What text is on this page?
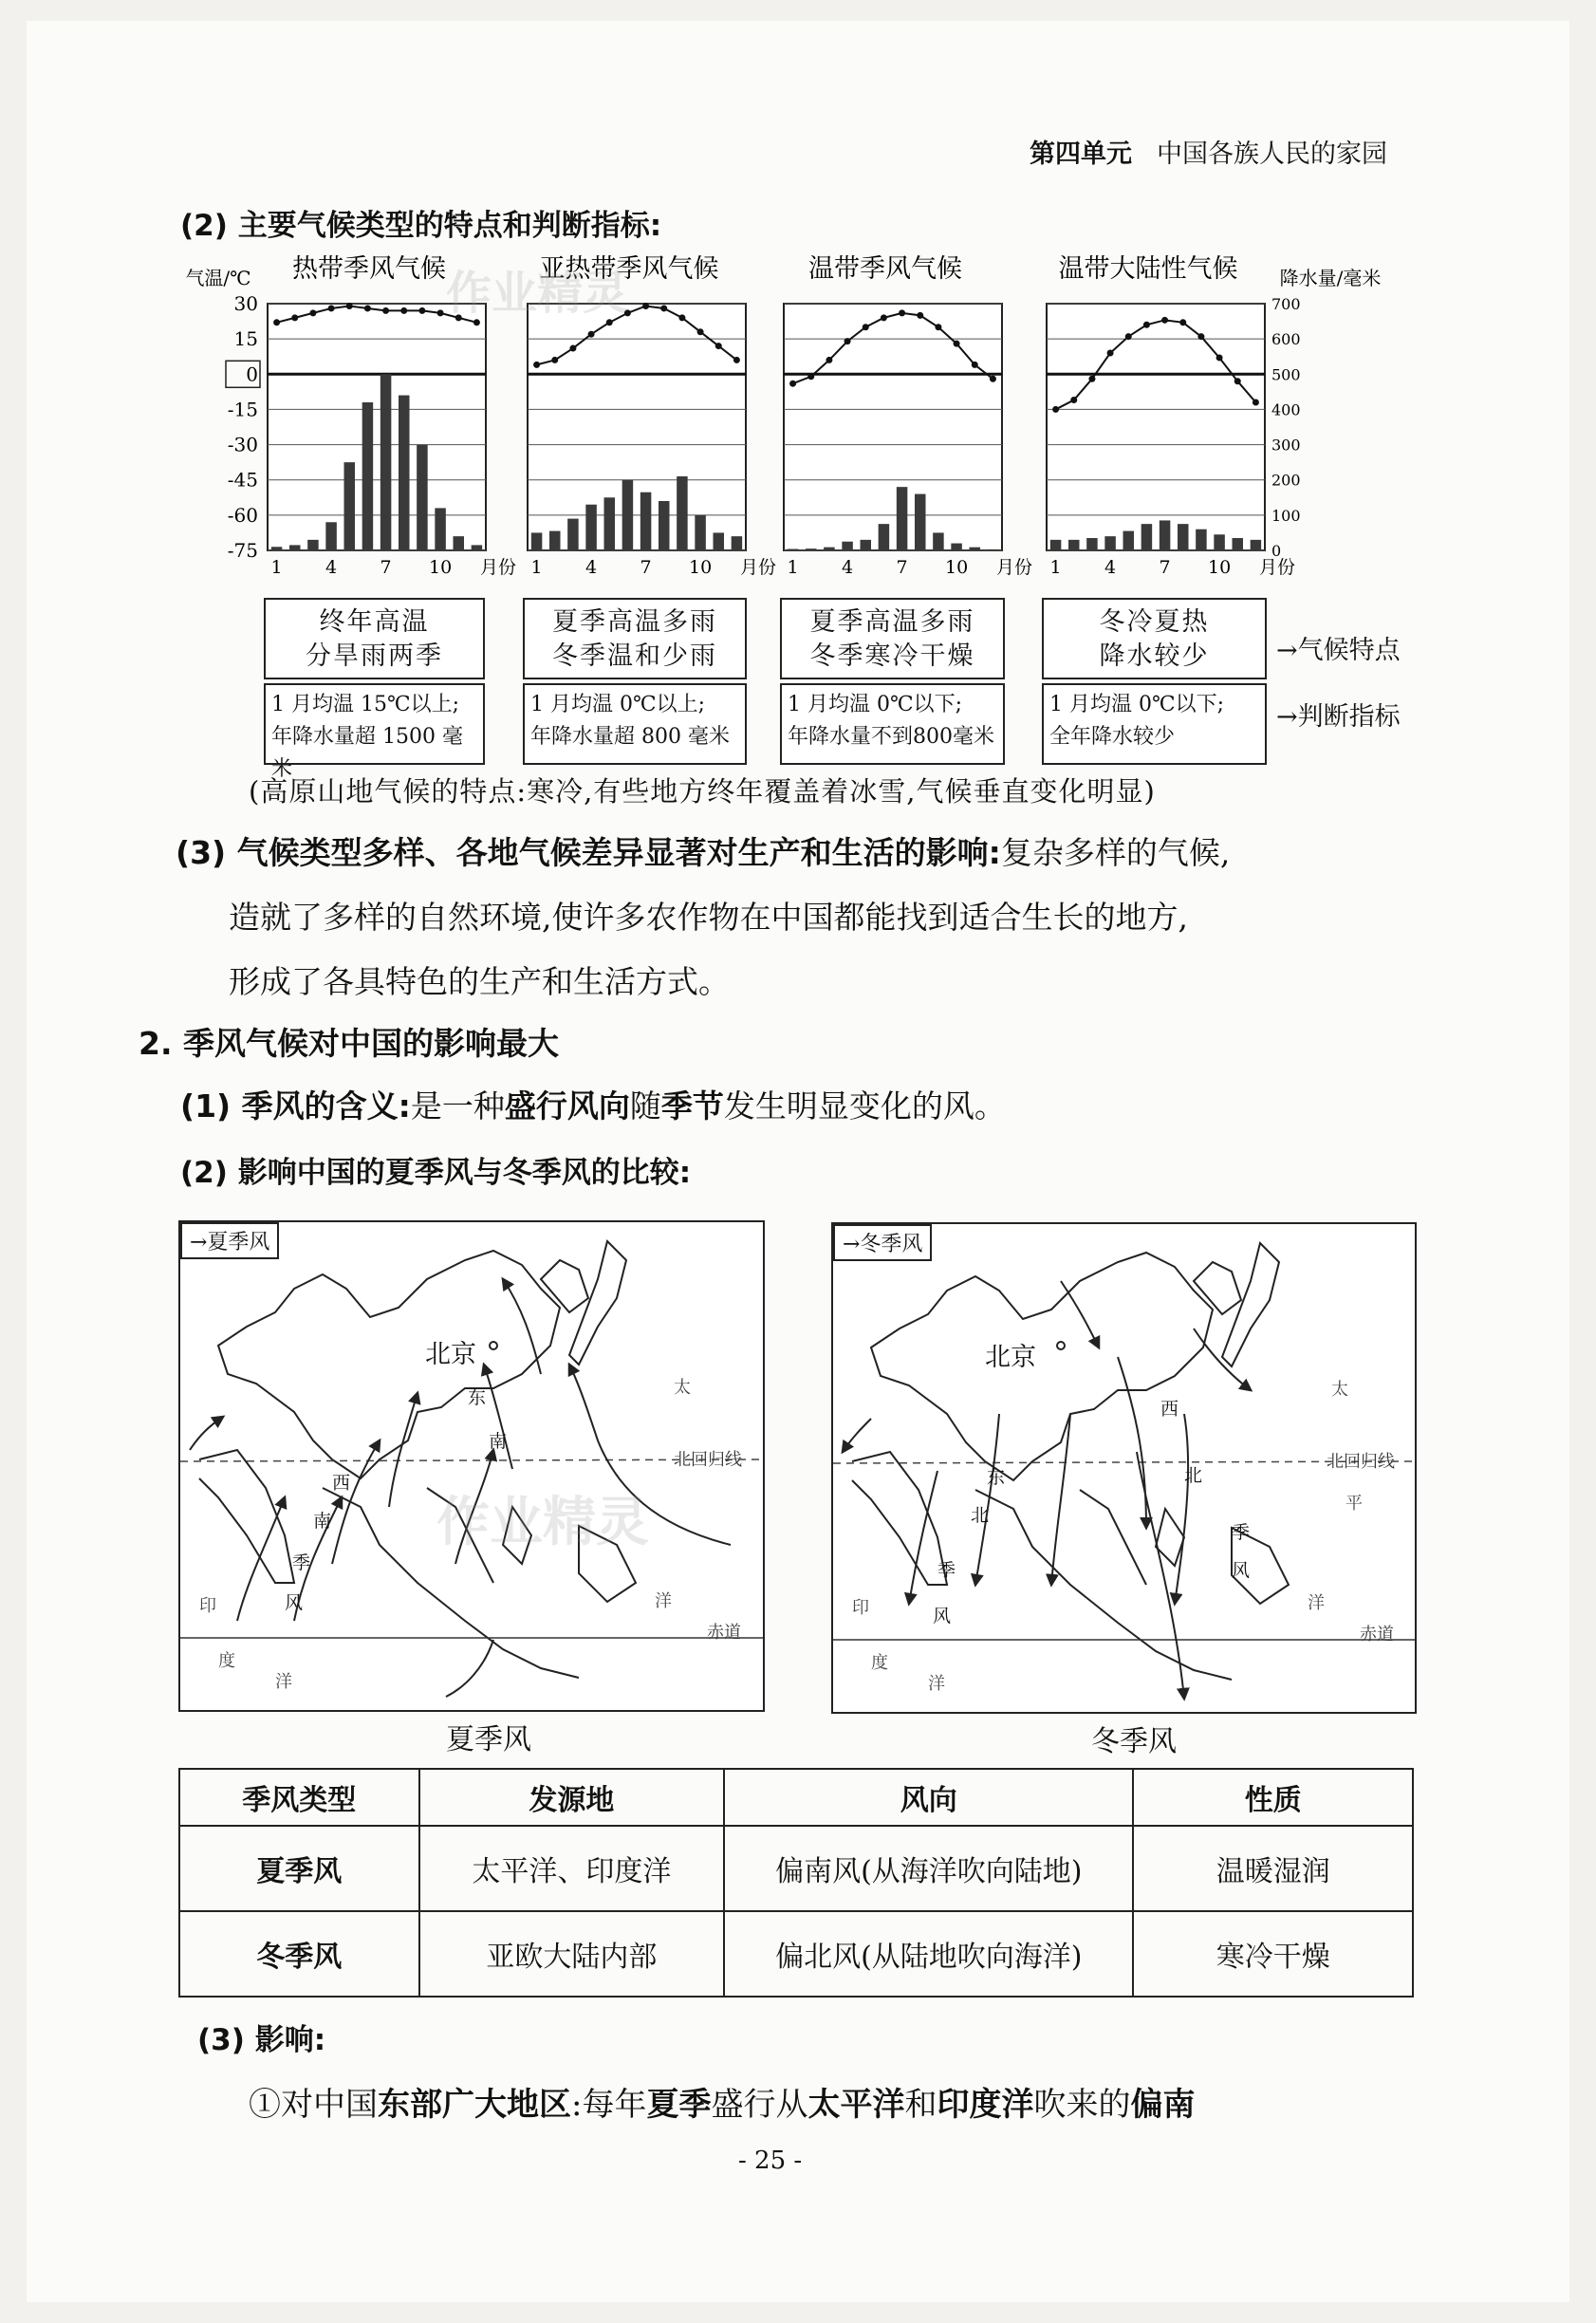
第四单元 中国各族人民的家园
(2) 主要气候类型的特点和判断指标:
气温/℃
30
15
0
-15
-30
-45
-60
-75
降水量/毫米
700
600
500
400
300
200
100
0
热带季风气候
1 4 7 10 月份
亚热带季风气候
1 4 7 10 月份
温带季风气候
1 4 7 10 月份
温带大陆性气候
1 4 7 10 月份
终年高温
分旱雨两季
夏季高温多雨
冬季温和少雨
夏季高温多雨
冬季寒冷干燥
冬冷夏热
降水较少	→气候特点
1 月均温 15℃以上;
年降水量超 1500 毫米
1 月均温 0℃以上;
年降水量超 800 毫米
1 月均温 0℃以下;
年降水量不到800毫米
1 月均温 0℃以下;
全年降水较少
→判断指标
(高原山地气候的特点:寒冷,有些地方终年覆盖着冰雪,气候垂直变化明显)
(3) 气候类型多样、各地气候差异显著对生产和生活的影响:复杂多样的气候,
造就了多样的自然环境,使许多农作物在中国都能找到适合生长的地方,
形成了各具特色的生产和生活方式。
2. 季风气候对中国的影响最大
(1) 季风的含义:是一种盛行风向随季节发生明显变化的风。
(2) 影响中国的夏季风与冬季风的比较:
→夏季风
北京
北回归线
赤道
太
东
南
西
南
季
风
印
度
洋
洋
夏季风
→冬季风
北京
北回归线
赤道
太
西
北
东
北
季
风
季
风
平
洋
度
洋
印
冬季风
季风类型	发源地	风向	性质
夏季风	太平洋、印度洋	偏南风(从海洋吹向陆地)	温暖湿润
冬季风	亚欧大陆内部	偏北风(从陆地吹向海洋)	寒冷干燥
(3) 影响:
①对中国东部广大地区:每年夏季盛行从太平洋和印度洋吹来的偏南
- 25 -
作业精灵
作业精灵
